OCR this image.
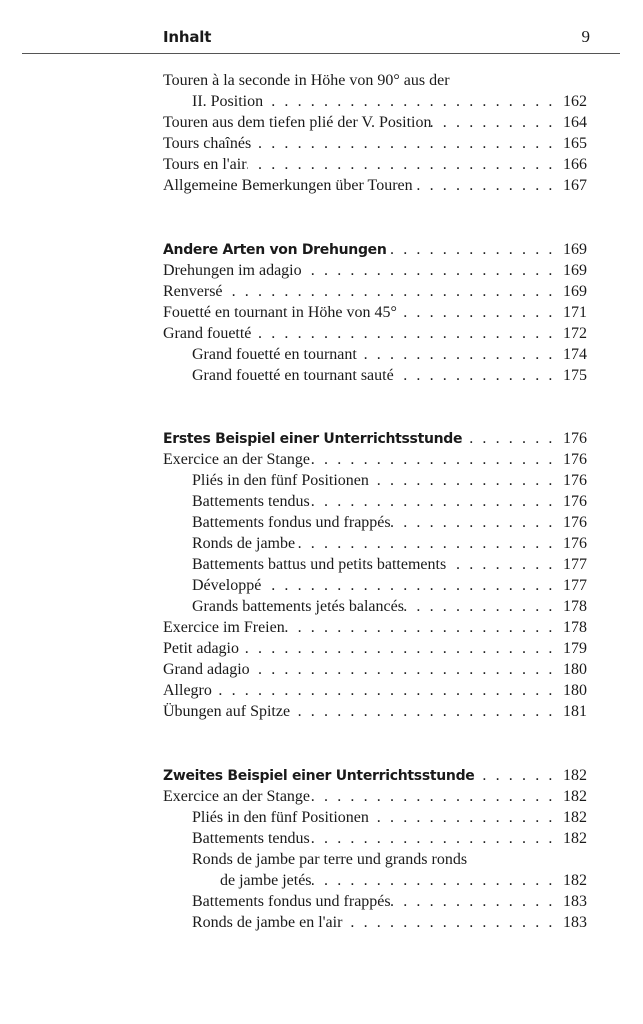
Inhalt	9
Touren à la seconde in Höhe von 90° aus der
II. Position . . .	162
Touren aus dem tiefen plié der V. Position . . .	164
Tours chaînés . . .	165
Tours en l'air . . .	166
Allgemeine Bemerkungen über Touren . . .	167
Andere Arten von Drehungen . . .	169
Drehungen im adagio . . .	169
Renversé . . .	169
Fouetté en tournant in Höhe von 45° . . .	171
Grand fouetté . . .	172
Grand fouetté en tournant . . .	174
Grand fouetté en tournant sauté . . .	175
Erstes Beispiel einer Unterrichtsstunde . . .	176
Exercice an der Stange . . .	176
Pliés in den fünf Positionen . . .	176
Battements tendus . . .	176
Battements fondus und frappés . . .	176
Ronds de jambe . . .	176
Battements battus und petits battements . . .	177
Développé . . .	177
Grands battements jetés balancés . . .	178
Exercice im Freien . . .	178
Petit adagio . . .	179
Grand adagio . . .	180
Allegro . . .	180
Übungen auf Spitze . . .	181
Zweites Beispiel einer Unterrichtsstunde . . .	182
Exercice an der Stange . . .	182
Pliés in den fünf Positionen . . .	182
Battements tendus . . .	182
Ronds de jambe par terre und grands ronds
de jambe jetés . . .	182
Battements fondus und frappés . . .	183
Ronds de jambe en l'air . . .	183
